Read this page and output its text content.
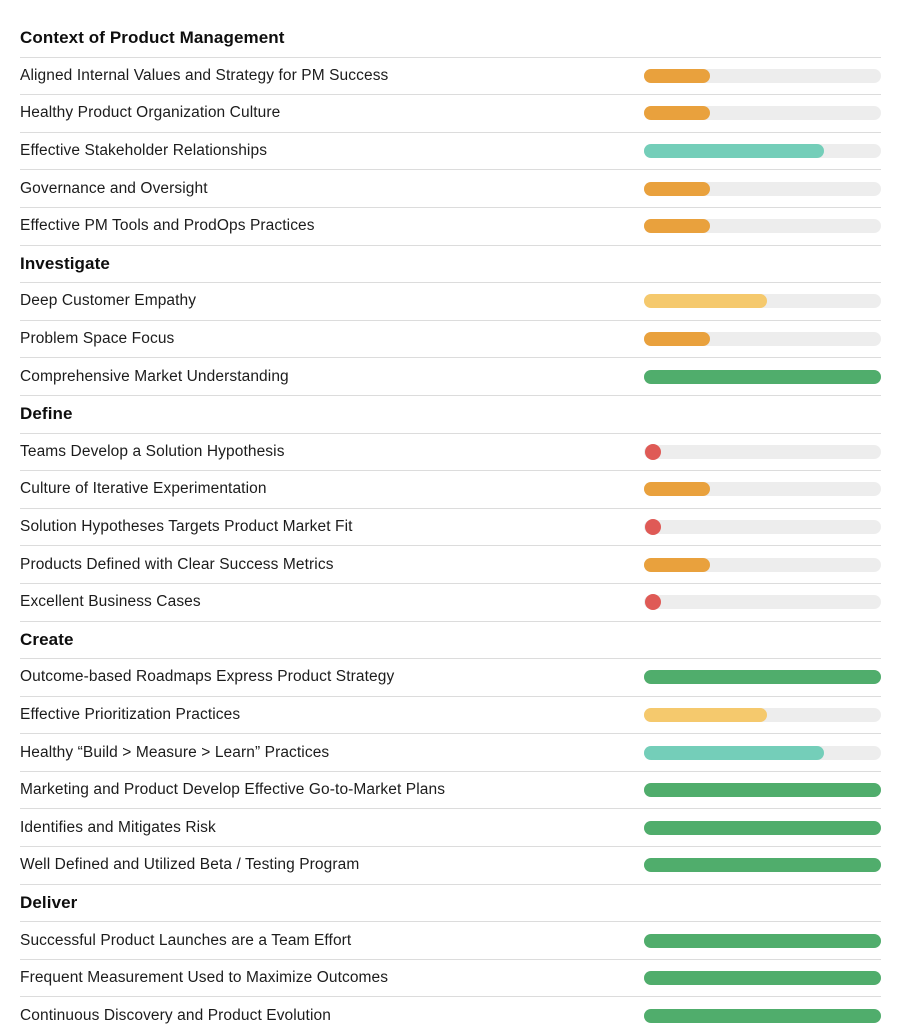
Context of Product Management
Aligned Internal Values and Strategy for PM Success
Healthy Product Organization Culture
Effective Stakeholder Relationships
Governance and Oversight
Effective PM Tools and ProdOps Practices
Investigate
Deep Customer Empathy
Problem Space Focus
Comprehensive Market Understanding
Define
Teams Develop a Solution Hypothesis
Culture of Iterative Experimentation
Solution Hypotheses Targets Product Market Fit
Products Defined with Clear Success Metrics
Excellent Business Cases
Create
Outcome-based Roadmaps Express Product Strategy
Effective Prioritization Practices
Healthy “Build > Measure > Learn” Practices
Marketing and Product Develop Effective Go-to-Market Plans
Identifies and Mitigates Risk
Well Defined and Utilized Beta / Testing Program
Deliver
Successful Product Launches are a Team Effort
Frequent Measurement Used to Maximize Outcomes
Continuous Discovery and Product Evolution
